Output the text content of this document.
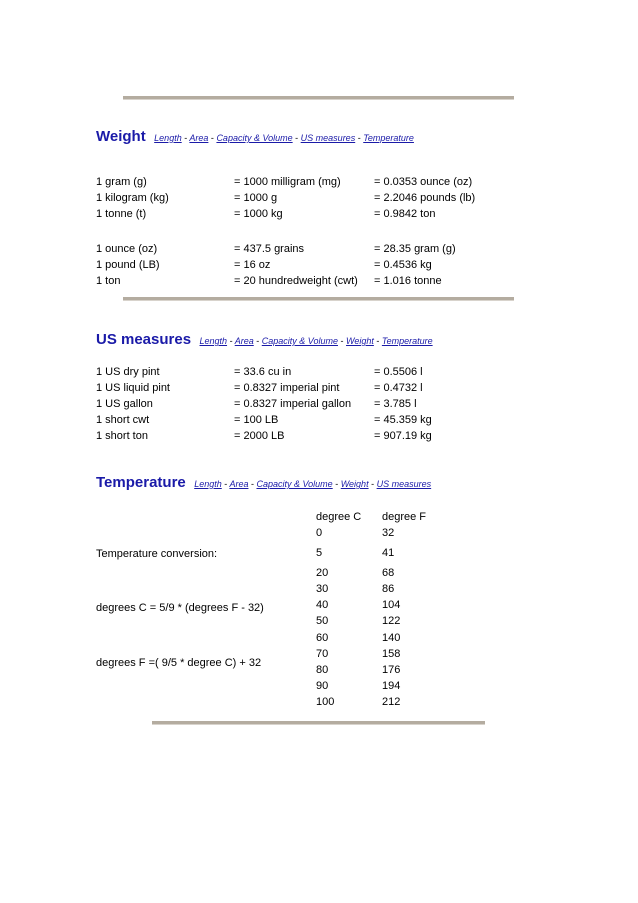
Weight Length - Area - Capacity & Volume - US measures - Temperature
1 gram (g)	= 1000 milligram (mg)	= 0.0353 ounce (oz)
1 kilogram (kg)	= 1000 g	= 2.2046 pounds (lb)
1 tonne (t)	= 1000 kg	= 0.9842 ton
1 ounce (oz)	= 437.5 grains	= 28.35 gram (g)
1 pound (LB)	= 16 oz	= 0.4536 kg
1 ton	= 20 hundredweight (cwt) = 1.016 tonne
US measures Length - Area - Capacity & Volume - Weight - Temperature
1 US dry pint	= 33.6 cu in	= 0.5506 l
1 US liquid pint	= 0.8327 imperial pint	= 0.4732 l
1 US gallon	= 0.8327 imperial gallon = 3.785 l
1 short cwt	= 100 LB	= 45.359 kg
1 short ton	= 2000 LB	= 907.19 kg
Temperature Length - Area - Capacity & Volume - Weight - US measures
degree C degree F
0	32
5	41
20	68
30	86
40	104
50	122
60	140
70	158
80	176
90	194
100	212
Temperature conversion:
degrees C = 5/9 * (degrees F - 32)
degrees F =( 9/5 * degree C) + 32
